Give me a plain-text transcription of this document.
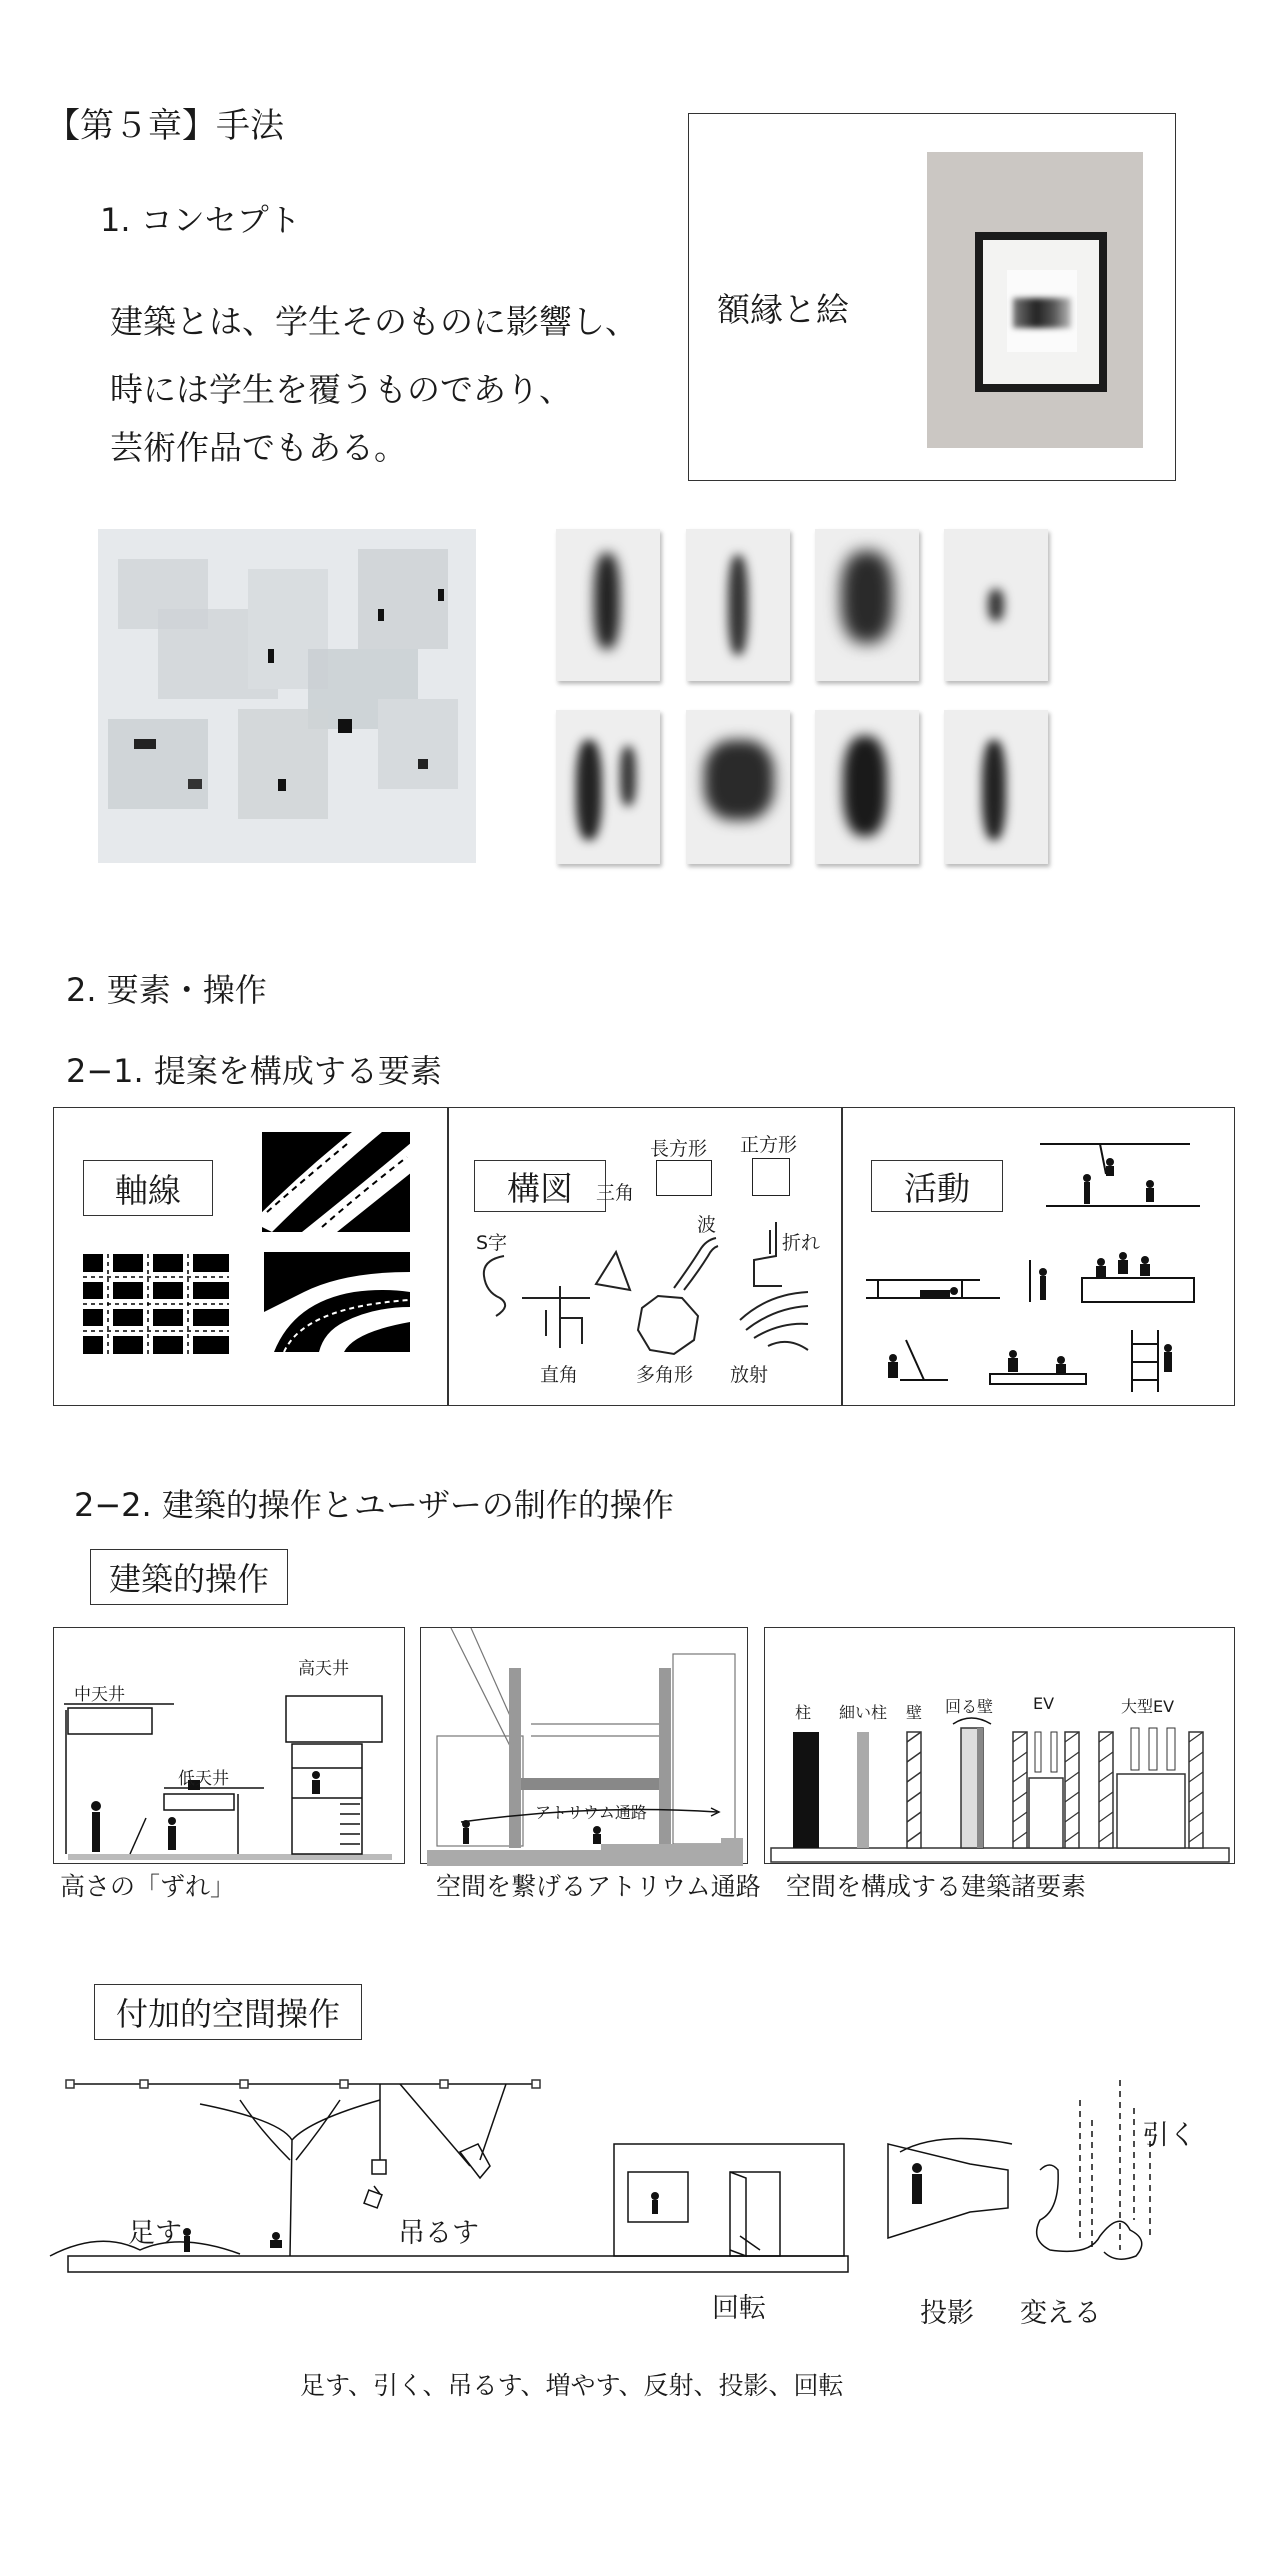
【第５章】手法
1. コンセプト
建築とは、学生そのものに影響し、
時には学生を覆うものであり、
芸術作品でもある。
額縁と絵
2. 要素・操作
2−1. 提案を構成する要素
軸線	構図
長方形 正方形
S字
三角
波
折れ
直角	多角形 放射
活動
2−2. 建築的操作とユーザーの制作的操作
建築的操作
高天井
中天井
低天井
高さの「ずれ」
アトリウム通路
空間を繋げるアトリウム通路
柱 細い柱 壁 回る壁 EV	大型EV
空間を構成する建築諸要素
付加的空間操作
足す	吊るす
回転	投影 変える
引く
足す、引く、吊るす、増やす、反射、投影、回転
